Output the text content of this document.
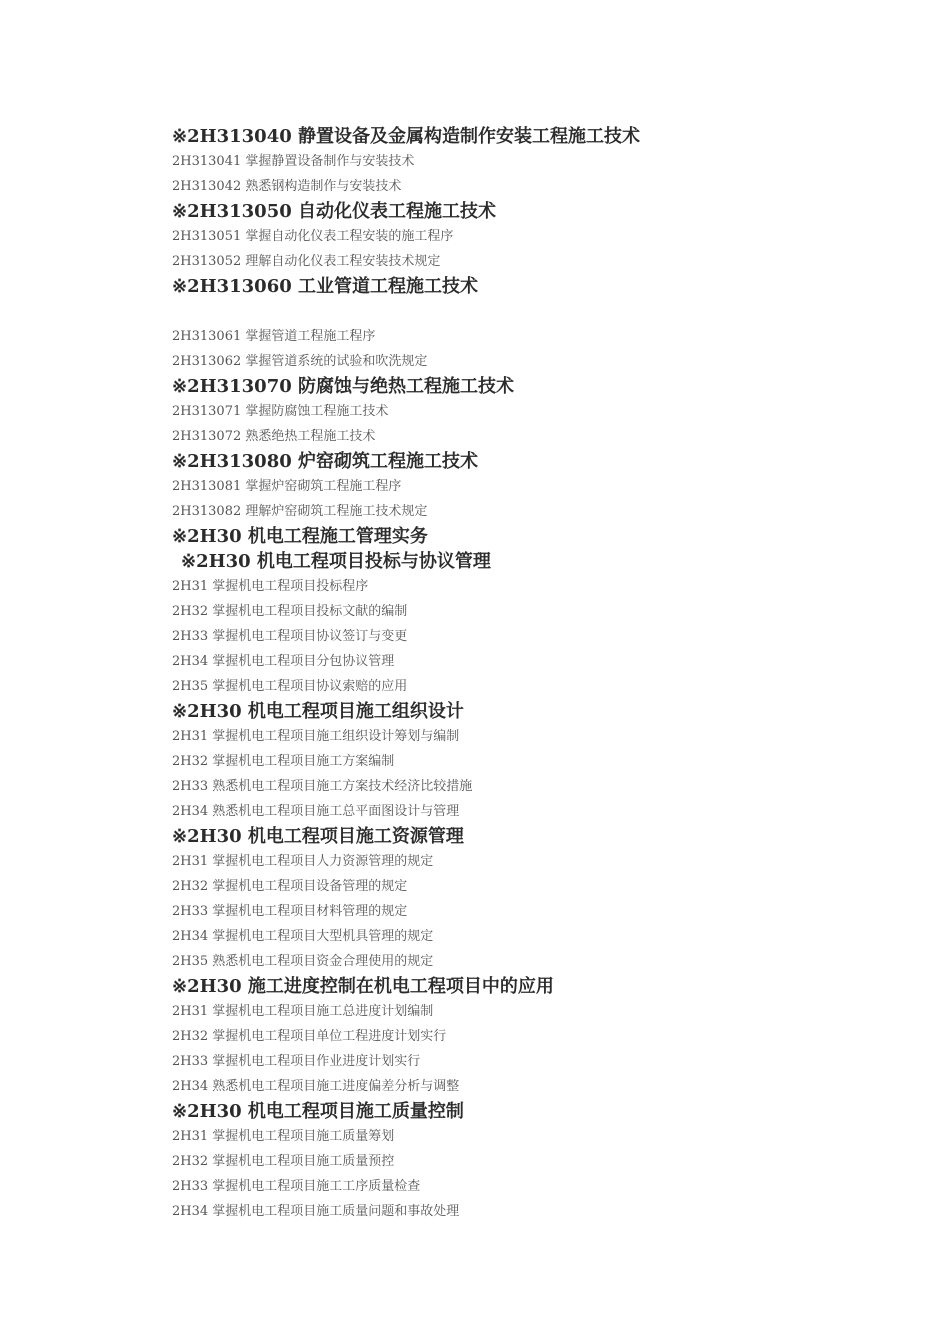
※2H313040 静置设备及金属构造制作安装工程施工技术
2H313041 掌握静置设备制作与安装技术
2H313042 熟悉钢构造制作与安装技术
※2H313050 自动化仪表工程施工技术
2H313051 掌握自动化仪表工程安装的施工程序
2H313052 理解自动化仪表工程安装技术规定
※2H313060 工业管道工程施工技术
2H313061 掌握管道工程施工程序
2H313062 掌握管道系统的试验和吹洗规定
※2H313070 防腐蚀与绝热工程施工技术
2H313071 掌握防腐蚀工程施工技术
2H313072 熟悉绝热工程施工技术
※2H313080 炉窑砌筑工程施工技术
2H313081 掌握炉窑砌筑工程施工程序
2H313082 理解炉窑砌筑工程施工技术规定
※2H30 机电工程施工管理实务
※2H30 机电工程项目投标与协议管理
2H31 掌握机电工程项目投标程序
2H32 掌握机电工程项目投标文献的编制
2H33 掌握机电工程项目协议签订与变更
2H34 掌握机电工程项目分包协议管理
2H35 掌握机电工程项目协议索赔的应用
※2H30 机电工程项目施工组织设计
2H31 掌握机电工程项目施工组织设计筹划与编制
2H32 掌握机电工程项目施工方案编制
2H33 熟悉机电工程项目施工方案技术经济比较措施
2H34 熟悉机电工程项目施工总平面图设计与管理
※2H30 机电工程项目施工资源管理
2H31 掌握机电工程项目人力资源管理的规定
2H32 掌握机电工程项目设备管理的规定
2H33 掌握机电工程项目材料管理的规定
2H34 掌握机电工程项目大型机具管理的规定
2H35 熟悉机电工程项目资金合理使用的规定
※2H30 施工进度控制在机电工程项目中的应用
2H31 掌握机电工程项目施工总进度计划编制
2H32 掌握机电工程项目单位工程进度计划实行
2H33 掌握机电工程项目作业进度计划实行
2H34 熟悉机电工程项目施工进度偏差分析与调整
※2H30 机电工程项目施工质量控制
2H31 掌握机电工程项目施工质量筹划
2H32 掌握机电工程项目施工质量预控
2H33 掌握机电工程项目施工工序质量检查
2H34 掌握机电工程项目施工质量问题和事故处理
